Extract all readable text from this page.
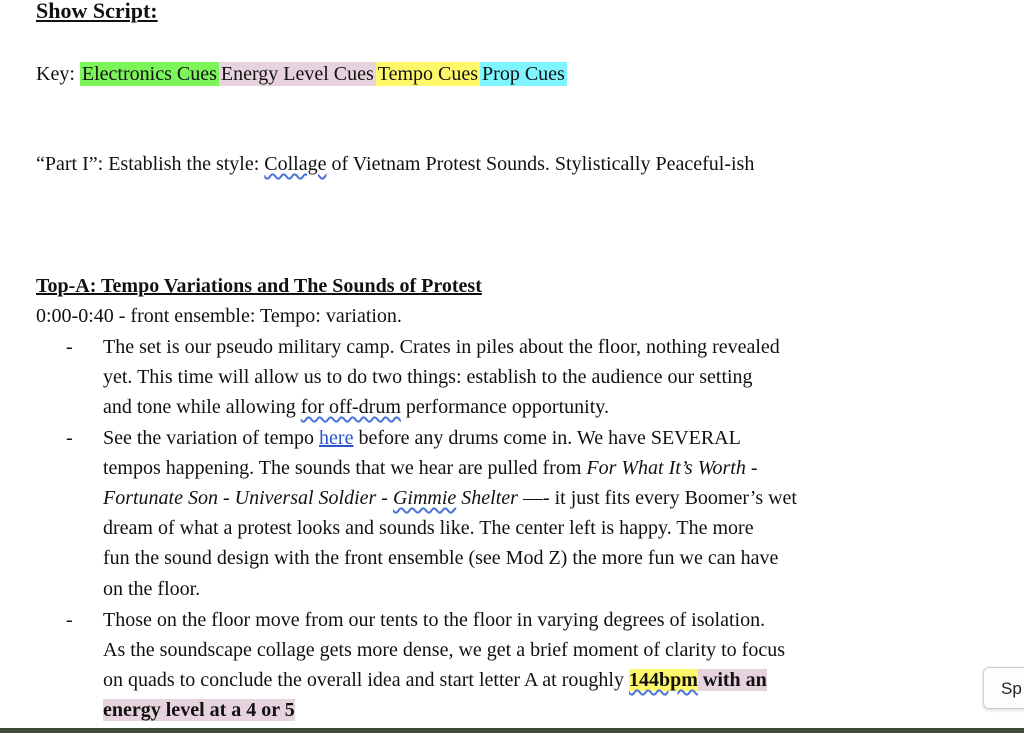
Show Script:
Key: Electronics Cues Energy Level Cues Tempo Cues Prop Cues
“Part I”: Establish the style: Collage of Vietnam Protest Sounds. Stylistically Peaceful-ish
Top-A: Tempo Variations and The Sounds of Protest
0:00-0:40 - front ensemble: Tempo: variation.
- The set is our pseudo military camp. Crates in piles about the floor, nothing revealed
yet. This time will allow us to do two things: establish to the audience our setting
and tone while allowing for off-drum performance opportunity.
- See the variation of tempo here before any drums come in. We have SEVERAL
tempos happening. The sounds that we hear are pulled from For What It’s Worth -
Fortunate Son - Universal Soldier - Gimmie Shelter —- it just fits every Boomer’s wet
dream of what a protest looks and sounds like. The center left is happy. The more
fun the sound design with the front ensemble (see Mod Z) the more fun we can have
on the floor.
- Those on the floor move from our tents to the floor in varying degrees of isolation.
As the soundscape collage gets more dense, we get a brief moment of clarity to focus
on quads to conclude the overall idea and start letter A at roughly 144bpm with an
energy level at a 4 or 5
Sp
